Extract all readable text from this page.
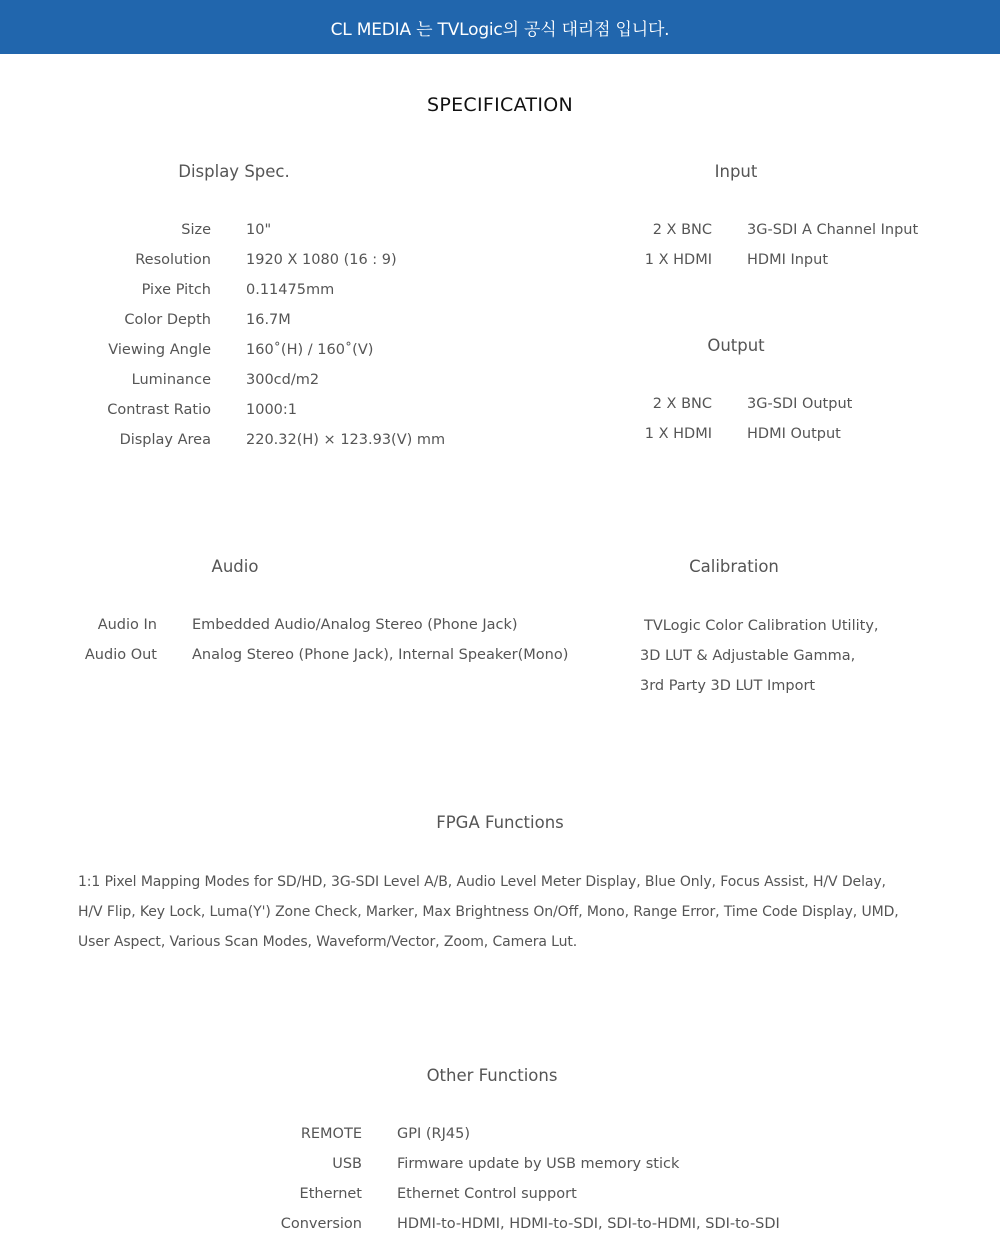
CL MEDIA 는 TVLogic의 공식 대리점 입니다.
SPECIFICATION
Display Spec.
Size 10"
Resolution 1920 X 1080 (16 : 9)
Pixe Pitch 0.11475mm
Color Depth 16.7M
Viewing Angle 160˚(H) / 160˚(V)
Luminance 300cd/m2
Contrast Ratio 1000:1
Display Area 220.32(H) × 123.93(V) mm
Input
2 X BNC 3G-SDI A Channel Input
1 X HDMI HDMI Input
Output
2 X BNC 3G-SDI Output
1 X HDMI HDMI Output
Audio
Audio In Embedded Audio/Analog Stereo (Phone Jack)
Audio Out Analog Stereo (Phone Jack), Internal Speaker(Mono)
Calibration
TVLogic Color Calibration Utility,
3D LUT & Adjustable Gamma,
3rd Party 3D LUT Import
FPGA Functions
1:1 Pixel Mapping Modes for SD/HD, 3G-SDI Level A/B, Audio Level Meter Display, Blue Only, Focus Assist, H/V Delay,
H/V Flip, Key Lock, Luma(Y') Zone Check, Marker, Max Brightness On/Off, Mono, Range Error, Time Code Display, UMD,
User Aspect, Various Scan Modes, Waveform/Vector, Zoom, Camera Lut.
Other Functions
REMOTE GPI (RJ45)
USB Firmware update by USB memory stick
Ethernet Ethernet Control support
Conversion HDMI-to-HDMI, HDMI-to-SDI, SDI-to-HDMI, SDI-to-SDI
